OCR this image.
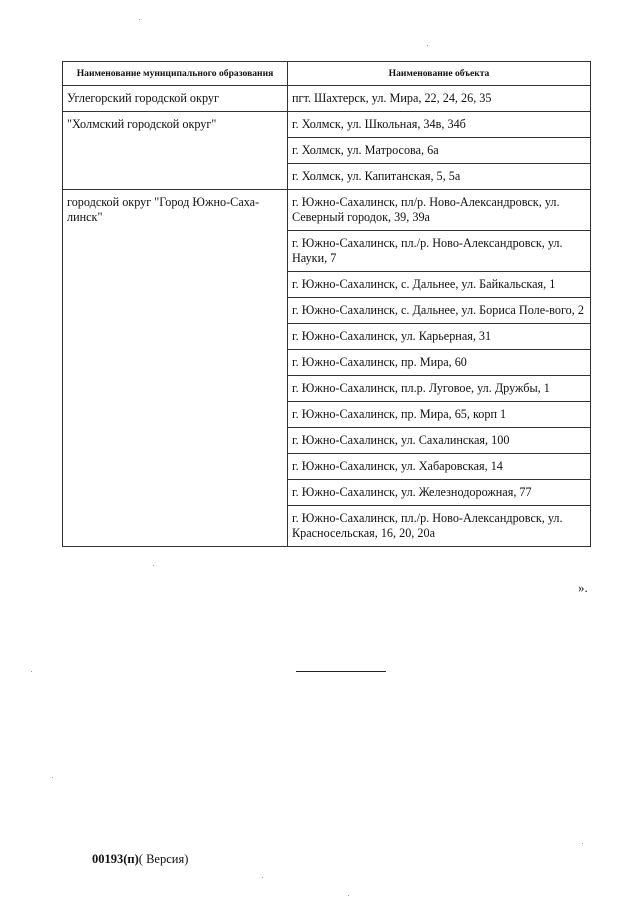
Наименование муниципального образования	Наименование объекта
Углегорский городской округ	пгт. Шахтерск, ул. Мира, 22, 24, 26, 35
"Холмский городской округ"	г. Холмск, ул. Школьная, 34в, 34б
	г. Холмск, ул. Матросова, 6а
	г. Холмск, ул. Капитанская, 5, 5а
городской округ "Город Южно-Саха-линск"	г. Южно-Сахалинск, пл/р. Ново-Александровск, ул. Северный городок, 39, 39а
	г. Южно-Сахалинск, пл./р. Ново-Александровск, ул. Науки, 7
	г. Южно-Сахалинск, с. Дальнее, ул. Байкальская, 1
	г. Южно-Сахалинск, с. Дальнее, ул. Бориса Поле-вого, 2
	г. Южно-Сахалинск, ул. Карьерная, 31
	г. Южно-Сахалинск, пр. Мира, 60
	г. Южно-Сахалинск, пл.р. Луговое, ул. Дружбы, 1
	г. Южно-Сахалинск, пр. Мира, 65, корп 1
	г. Южно-Сахалинск, ул. Сахалинская, 100
	г. Южно-Сахалинск, ул. Хабаровская, 14
	г. Южно-Сахалинск, ул. Железнодорожная, 77
	г. Южно-Сахалинск, пл./р. Ново-Александровск, ул. Красносельская, 16, 20, 20а
».
00193(п)( Версия)
